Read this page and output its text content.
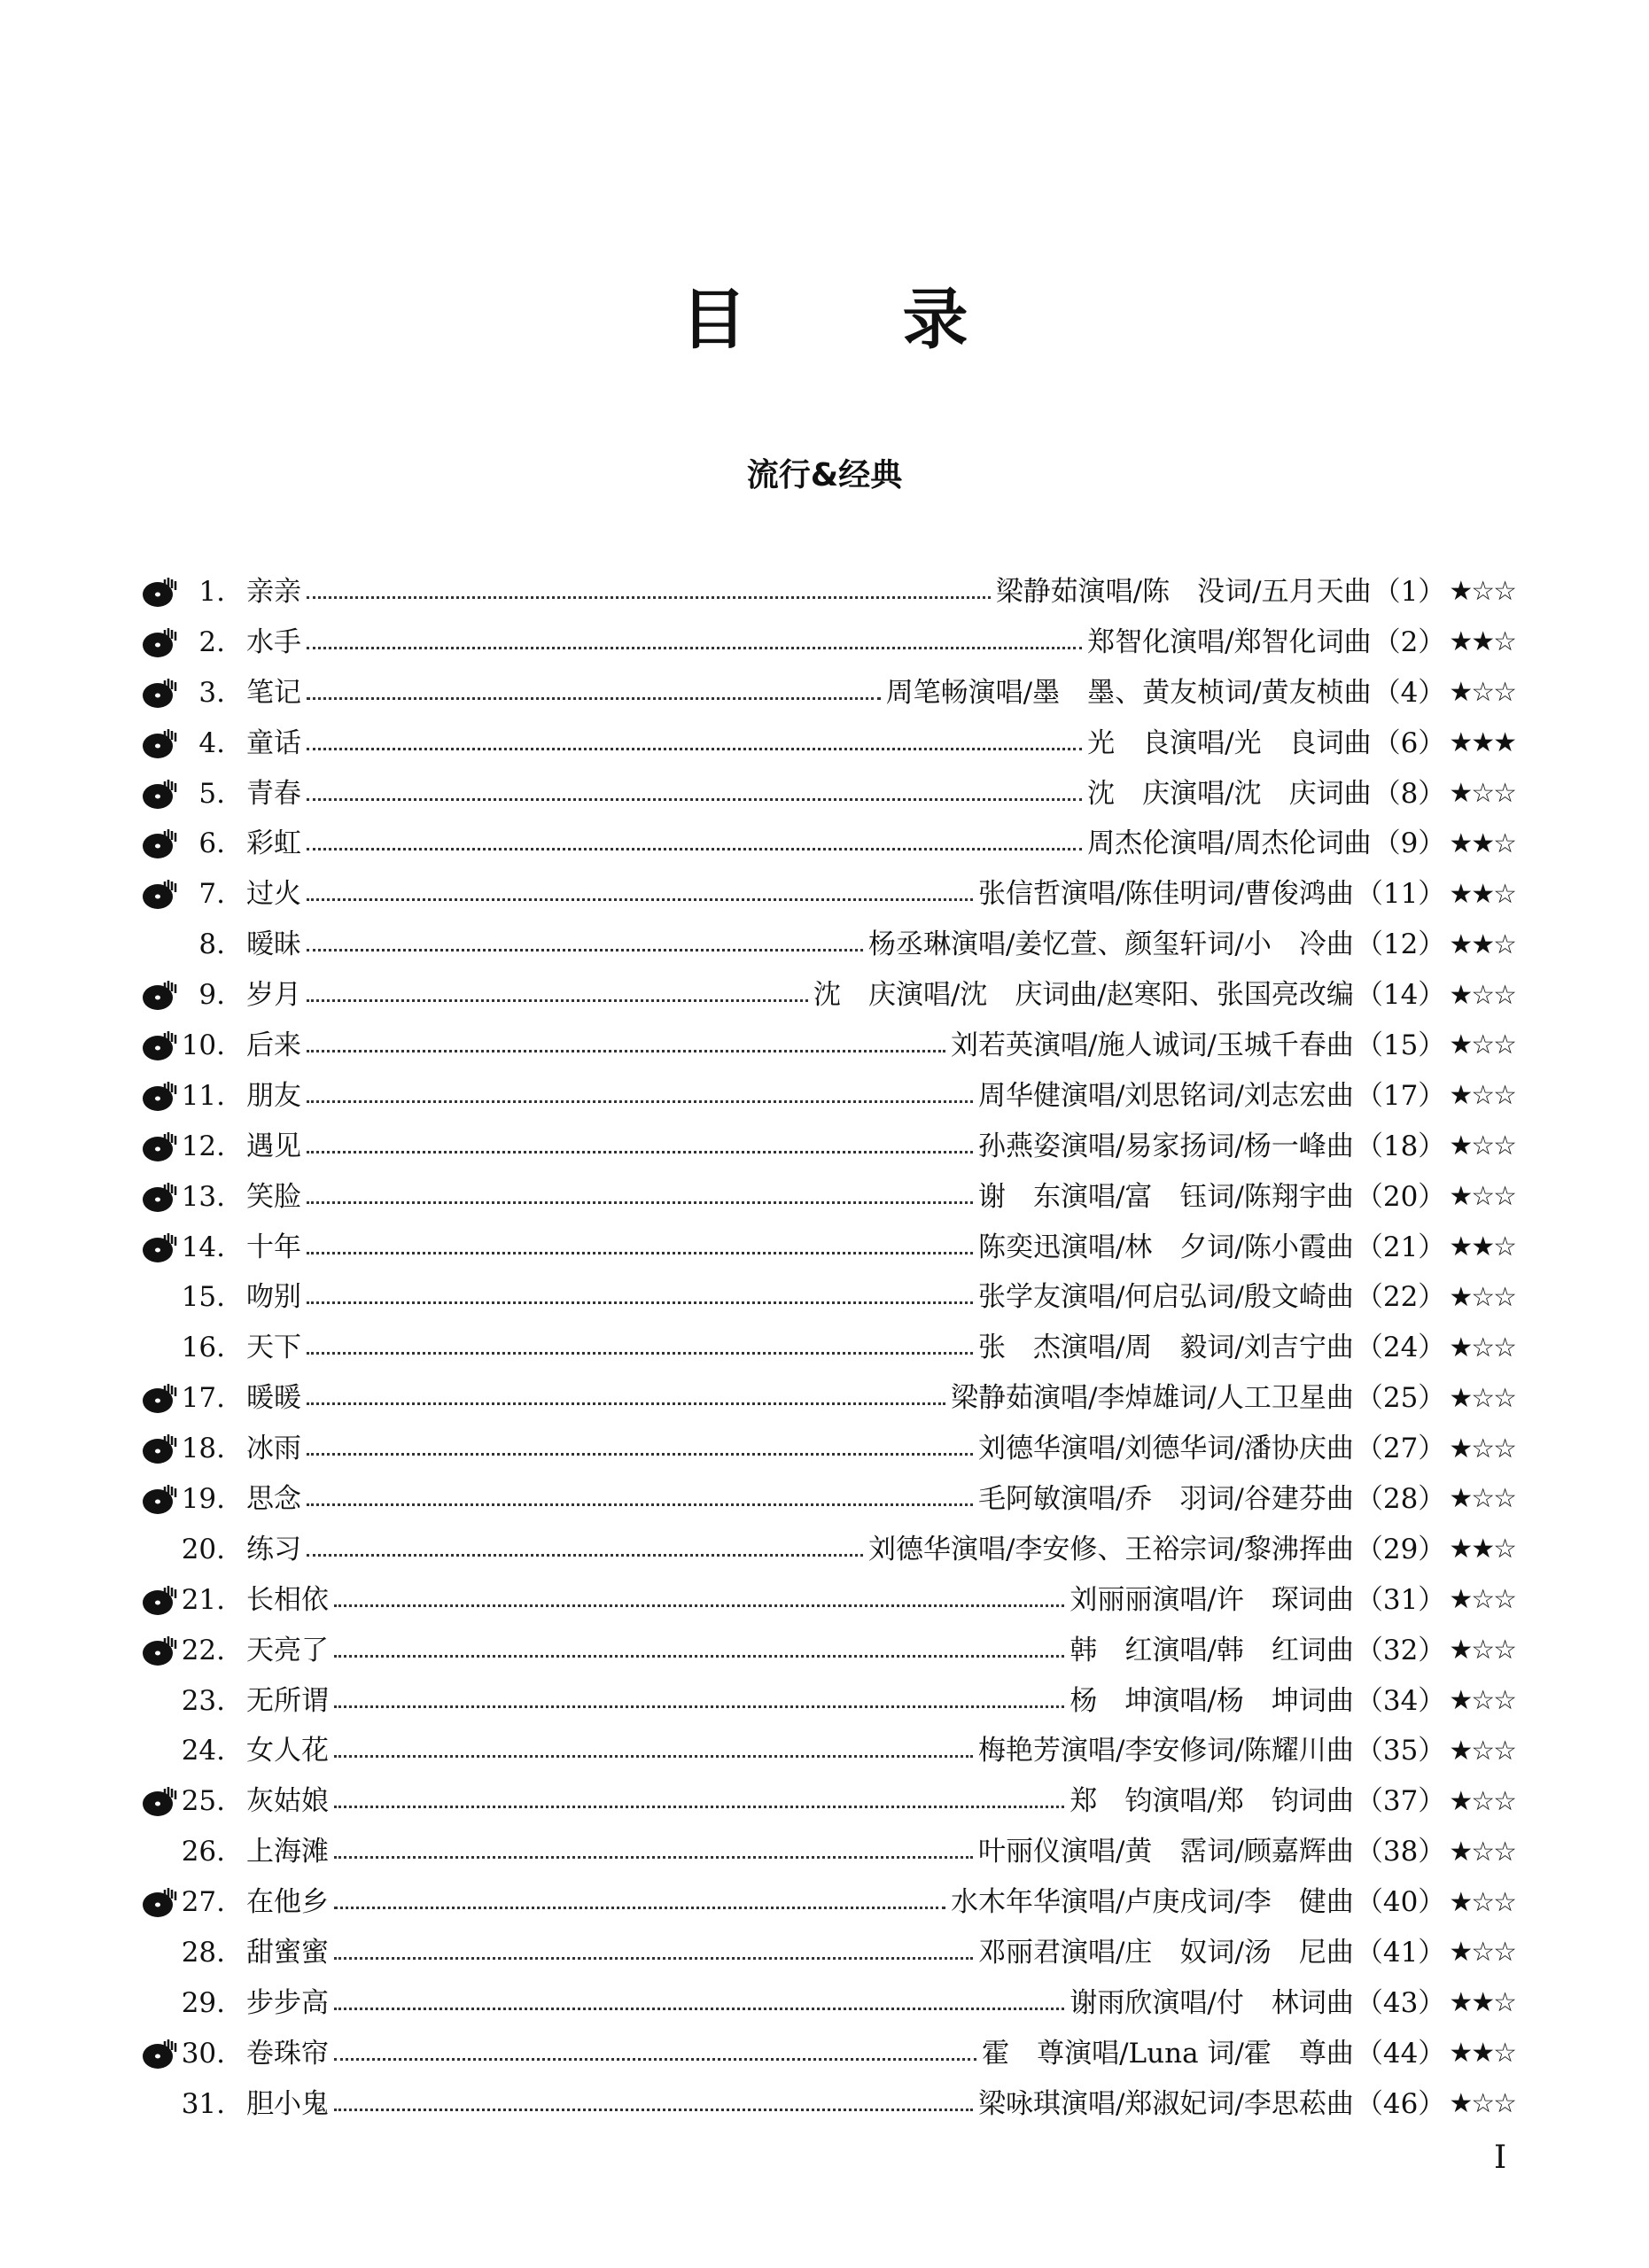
目 录
流行&经典
1. 亲亲	梁静茹演唱/陈　没词/五月天曲 （1） ★☆☆
2. 水手	郑智化演唱/郑智化词曲 （2） ★★☆
3. 笔记	周笔畅演唱/墨　墨、黄友桢词/黄友桢曲 （4） ★☆☆
4. 童话	光　良演唱/光　良词曲 （6） ★★★
5. 青春	沈　庆演唱/沈　庆词曲 （8） ★☆☆
6. 彩虹	周杰伦演唱/周杰伦词曲 （9） ★★☆
7. 过火	张信哲演唱/陈佳明词/曹俊鸿曲 （11） ★★☆
8. 暧昧	杨丞琳演唱/姜忆萱、颜玺轩词/小　冷曲 （12） ★★☆
9. 岁月	沈　庆演唱/沈　庆词曲/赵寒阳、张国亮改编 （14） ★☆☆
10. 后来	刘若英演唱/施人诚词/玉城千春曲 （15） ★☆☆
11. 朋友	周华健演唱/刘思铭词/刘志宏曲 （17） ★☆☆
12. 遇见	孙燕姿演唱/易家扬词/杨一峰曲 （18） ★☆☆
13. 笑脸	谢　东演唱/富　钰词/陈翔宇曲 （20） ★☆☆
14. 十年	陈奕迅演唱/林　夕词/陈小霞曲 （21） ★★☆
15. 吻别	张学友演唱/何启弘词/殷文崎曲 （22） ★☆☆
16. 天下	张　杰演唱/周　毅词/刘吉宁曲 （24） ★☆☆
17. 暖暖	梁静茹演唱/李焯雄词/人工卫星曲 （25） ★☆☆
18. 冰雨	刘德华演唱/刘德华词/潘协庆曲 （27） ★☆☆
19. 思念	毛阿敏演唱/乔　羽词/谷建芬曲 （28） ★☆☆
20. 练习	刘德华演唱/李安修、王裕宗词/黎沸挥曲 （29） ★★☆
21. 长相依	刘丽丽演唱/许　琛词曲 （31） ★☆☆
22. 天亮了	韩　红演唱/韩　红词曲 （32） ★☆☆
23. 无所谓	杨　坤演唱/杨　坤词曲 （34） ★☆☆
24. 女人花	梅艳芳演唱/李安修词/陈耀川曲 （35） ★☆☆
25. 灰姑娘	郑　钧演唱/郑　钧词曲 （37） ★☆☆
26. 上海滩	叶丽仪演唱/黄　霑词/顾嘉辉曲 （38） ★☆☆
27. 在他乡	水木年华演唱/卢庚戌词/李　健曲 （40） ★☆☆
28. 甜蜜蜜	邓丽君演唱/庄　奴词/汤　尼曲 （41） ★☆☆
29. 步步高	谢雨欣演唱/付　林词曲 （43） ★★☆
30. 卷珠帘	霍　尊演唱/Luna 词/霍　尊曲 （44） ★★☆
31. 胆小鬼	梁咏琪演唱/郑淑妃词/李思菘曲 （46） ★☆☆
I
